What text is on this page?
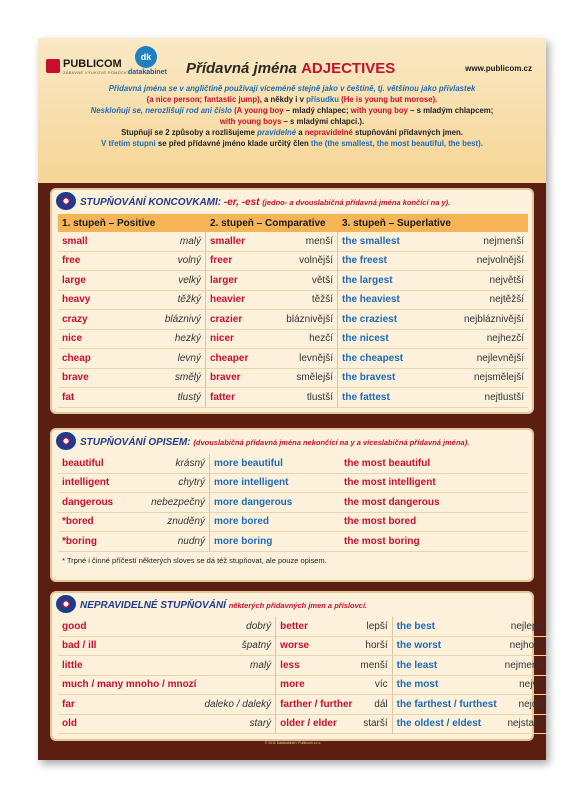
PUBLICOM
ZÁBAVNÉ VÝUKOVÉ POMŮCKY
dk
datakabinet Přídavná jména ADJECTIVES	www.publicom.cz
Přídavná jména se v angličtině používají víceméně stejně jako v češtině, tj. většinou jako přívlastek
(a nice person; fantastic jump), a někdy i v přísudku (He is young but morose).
Neskloňují se, nerozlišují rod ani číslo (A young boy – mladý chlapec; with young boy – s mladým chlapcem;
with young boys – s mladými chlapci.).
Stupňují se 2 způsoby a rozlišujeme pravidelné a nepravidelné stupňování přídavných jmen.
V třetím stupni se před přídavné jméno klade určitý člen the (the smallest, the most beautiful, the best).
STUPŇOVÁNÍ KONCOVKAMI: -er, -est (jedno- a dvouslabičná přídavná jména končící na y).
1. stupeň – Positive		2. stupeň – Comparative		3. stupeň – Superlative	
small	malý	smaller	menší	the smallest	nejmenší
free	volný	freer	volnější	the freest	nejvolnější
large	velký	larger	větší	the largest	největší
heavy	těžký	heavier	těžší	the heaviest	nejtěžší
crazy	bláznivý	crazier	bláznivější	the craziest	nejbláznivější
nice	hezký	nicer	hezčí	the nicest	nejhezčí
cheap	levný	cheaper	levnější	the cheapest	nejlevnější
brave	smělý	braver	smělejší	the bravest	nejsmělejší
fat	tlustý	fatter	tlustší	the fattest	nejtlustší
STUPŇOVÁNÍ OPISEM: (dvouslabičná přídavná jména nekončící na y a víceslabičná přídavná jména).
beautiful	krásný	more beautiful	the most beautiful
intelligent	chytrý	more intelligent	the most intelligent
dangerous	nebezpečný	more dangerous	the most dangerous
*bored	znuděný	more bored	the most bored
*boring	nudný	more boring	the most boring
* Trpné i činné příčestí některých sloves se dá též stupňovat, ale pouze opisem.
NEPRAVIDELNÉ STUPŇOVÁNÍ některých přídavných jmen a příslovcí.
good	dobrý	better	lepší	the best	nejlepší
bad / ill	špatný	worse	horší	the worst	nejhorší
little	malý	less	menší	the least	nejmenší
much / many mnoho / mnozí		more	víc	the most	nejvíc
far	daleko / daleký	farther / further	dál	the farthest / furthest	nejdál
old	starý	older / elder	starší	the oldest / eldest	nejstarší
© 2011 Datakabinet / Publicom s.r.o.
